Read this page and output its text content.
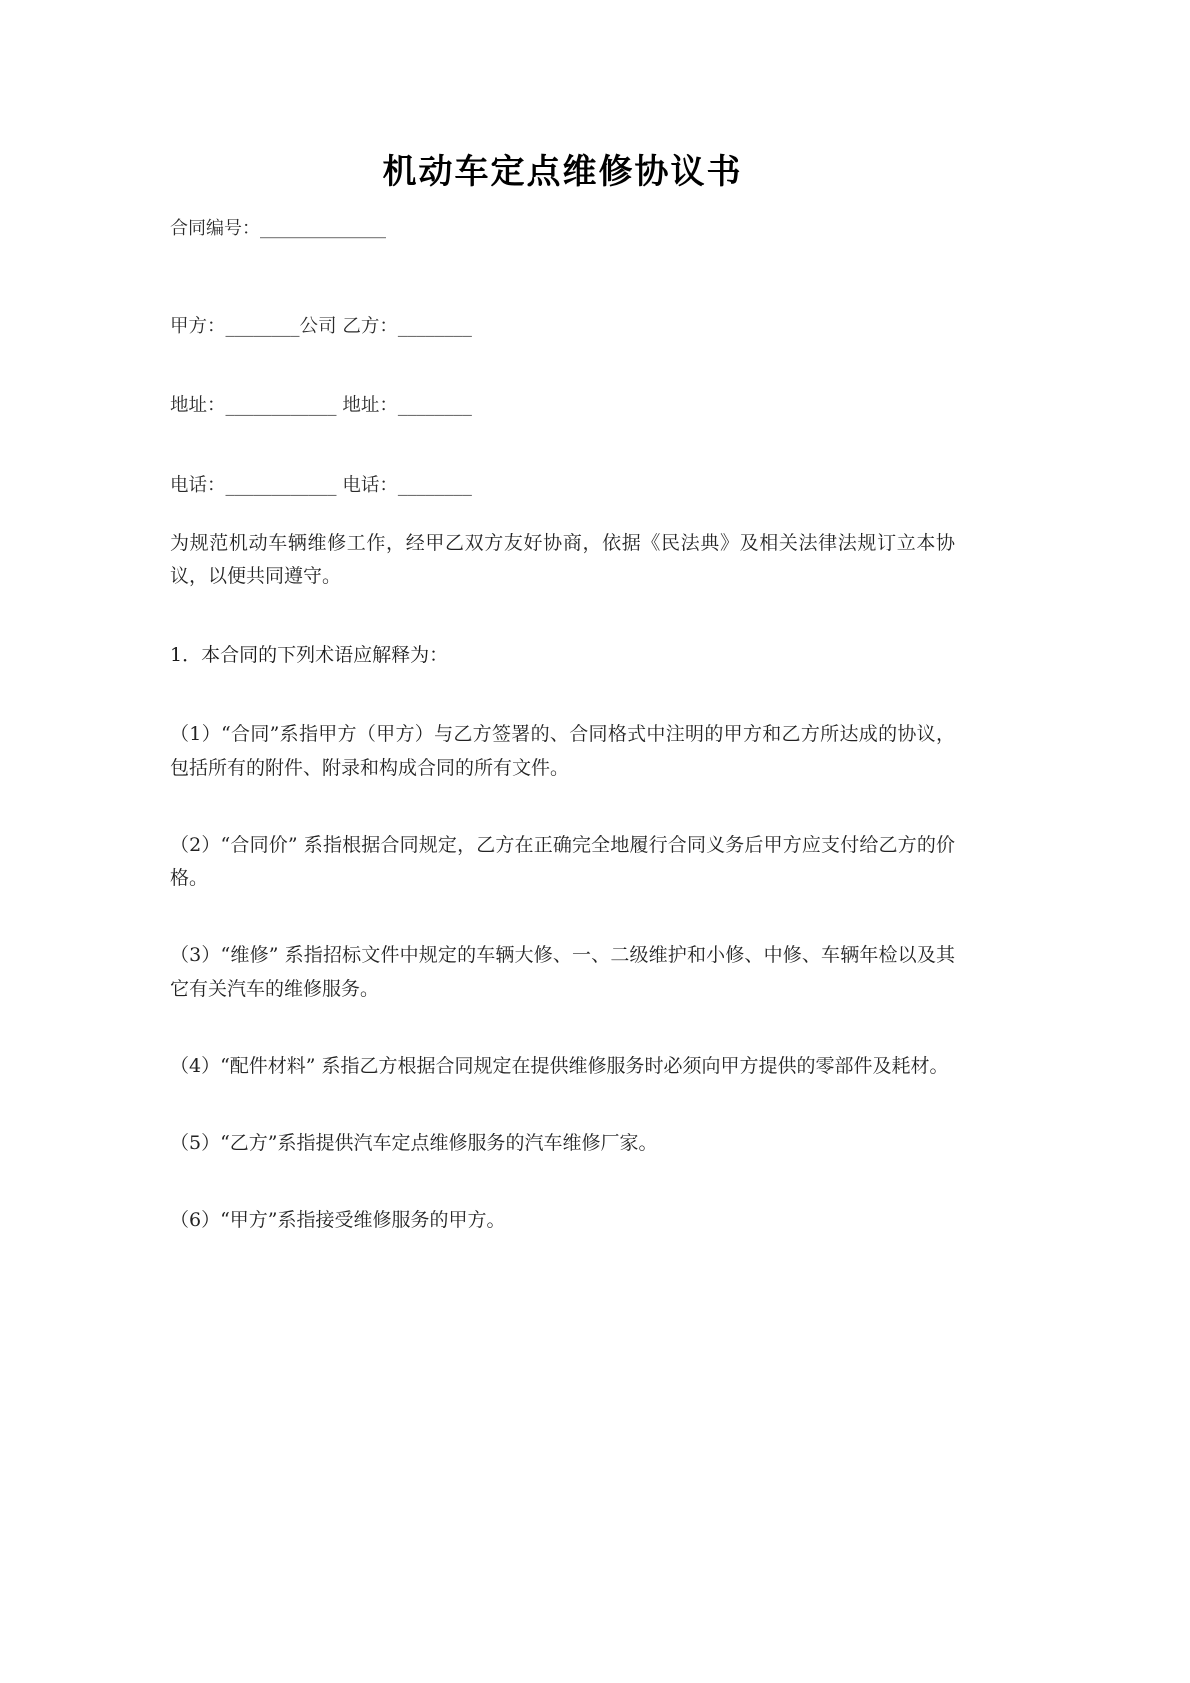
机动车定点维修协议书

合同编号：______________

甲方：________公司 乙方：________

地址：____________ 地址：________

电话：____________ 电话：________

为规范机动车辆维修工作，经甲乙双方友好协商，依据《民法典》及相关法律法规订立本协议，以便共同遵守。

1．本合同的下列术语应解释为：

（1）“合同”系指甲方（甲方）与乙方签署的、合同格式中注明的甲方和乙方所达成的协议，包括所有的附件、附录和构成合同的所有文件。

（2）“合同价” 系指根据合同规定，乙方在正确完全地履行合同义务后甲方应支付给乙方的价格。

（3）“维修” 系指招标文件中规定的车辆大修、一、二级维护和小修、中修、车辆年检以及其它有关汽车的维修服务。

（4）“配件材料” 系指乙方根据合同规定在提供维修服务时必须向甲方提供的零部件及耗材。

（5）“乙方”系指提供汽车定点维修服务的汽车维修厂家。

（6）“甲方”系指接受维修服务的甲方。
